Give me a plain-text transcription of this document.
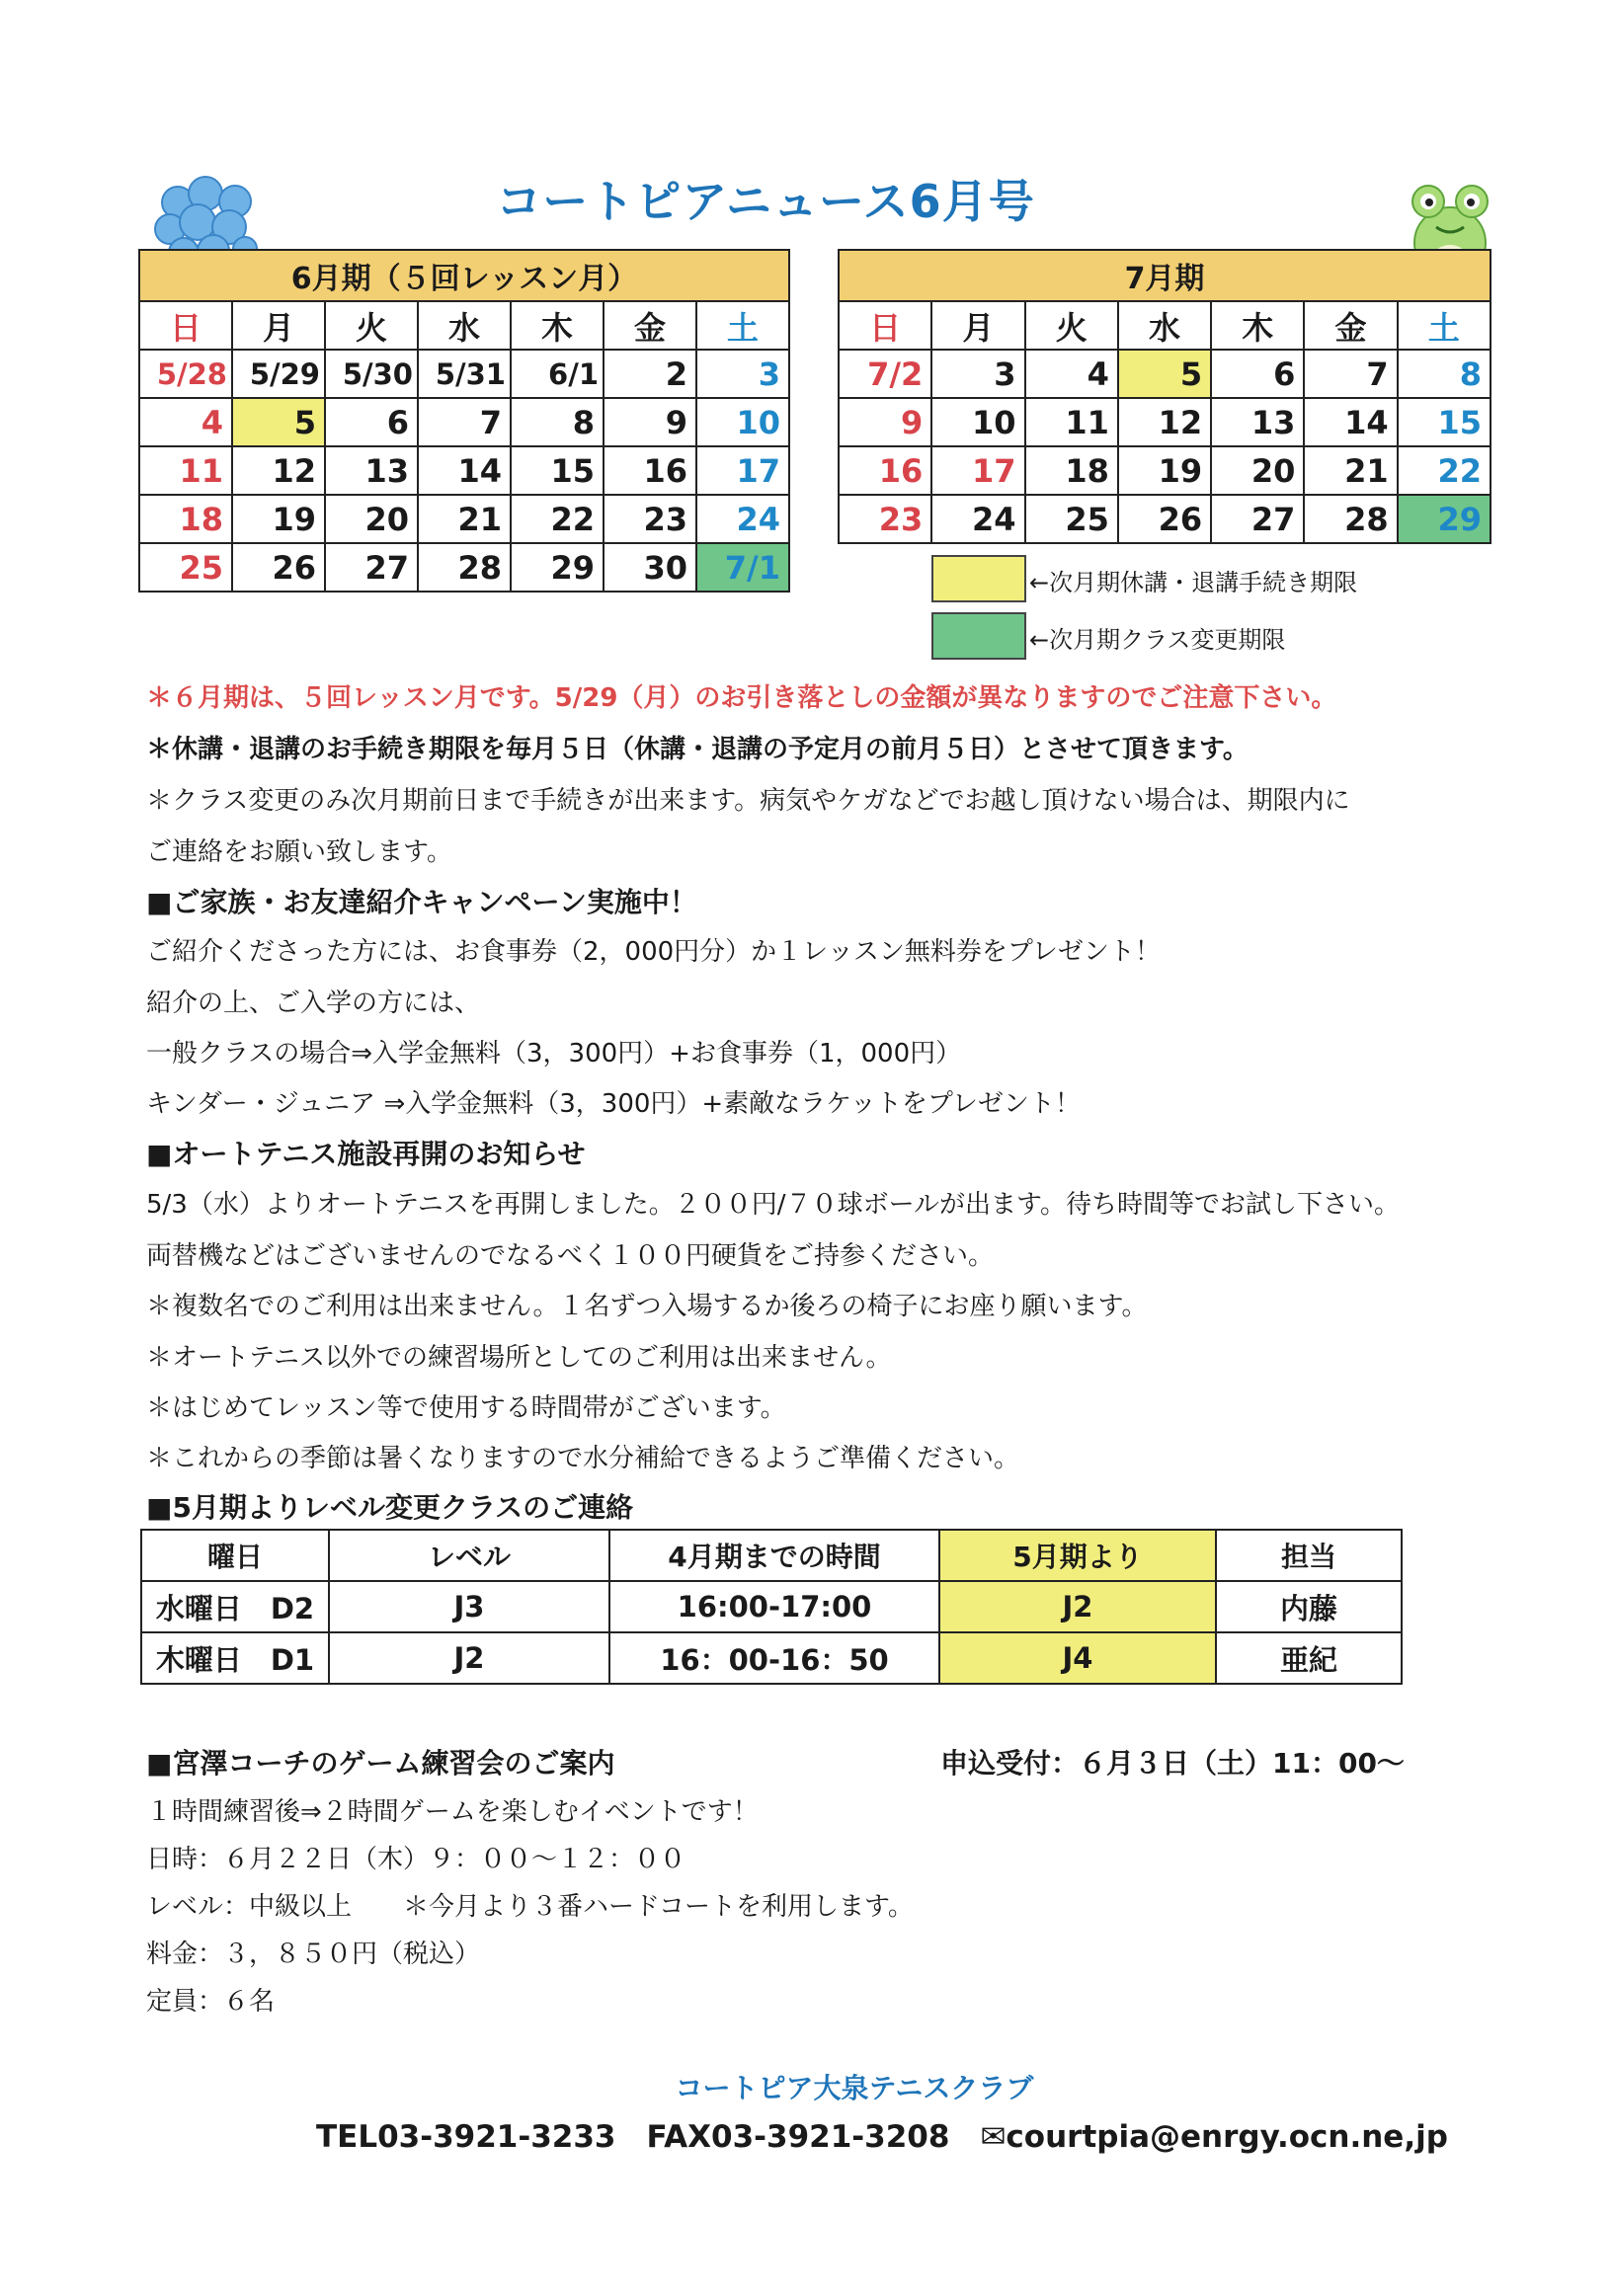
コートピアニュース6月号
6月期（５回レッスン月）						
日	月	火	水	木	金	土
5/28	5/29	5/30	5/31	6/1	2	3
4	5	6	7	8	9	10
11	12	13	14	15	16	17
18	19	20	21	22	23	24
25	26	27	28	29	30	7/1
7月期						
日	月	火	水	木	金	土
7/2	3	4	5	6	7	8
9	10	11	12	13	14	15
16	17	18	19	20	21	22
23	24	25	26	27	28	29
←次月期休講・退講手続き期限
←次月期クラス変更期限
＊６月期は、５回レッスン月です。5/29（月）のお引き落としの金額が異なりますのでご注意下さい。
＊休講・退講のお手続き期限を毎月５日（休講・退講の予定月の前月５日）とさせて頂きます。
＊クラス変更のみ次月期前日まで手続きが出来ます。病気やケガなどでお越し頂けない場合は、期限内に
ご連絡をお願い致します。
■ご家族・お友達紹介キャンペーン実施中！
ご紹介くださった方には、お食事券（2，000円分）か１レッスン無料券をプレゼント！
紹介の上、ご入学の方には、
一般クラスの場合⇒入学金無料（3，300円）+お食事券（1，000円）
キンダー・ジュニア ⇒入学金無料（3，300円）+素敵なラケットをプレゼント！
■オートテニス施設再開のお知らせ
5/3（水）よりオートテニスを再開しました。２００円/７０球ボールが出ます。待ち時間等でお試し下さい。
両替機などはございませんのでなるべく１００円硬貨をご持参ください。
＊複数名でのご利用は出来ません。１名ずつ入場するか後ろの椅子にお座り願います。
＊オートテニス以外での練習場所としてのご利用は出来ません。
＊はじめてレッスン等で使用する時間帯がございます。
＊これからの季節は暑くなりますので水分補給できるようご準備ください。
■5月期よりレベル変更クラスのご連絡
曜日	レベル	4月期までの時間	5月期より	担当
水曜日　D2	J3	16:00-17:00	J2	内藤
木曜日　D1	J2	16：00-16：50	J4	亜紀
■宮澤コーチのゲーム練習会のご案内	申込受付：６月３日（土）11：00～
１時間練習後⇒２時間ゲームを楽しむイベントです！
日時：６月２２日（木）９：００～１２：００
レベル：中級以上　　＊今月より３番ハードコートを利用します。
料金：３，８５０円（税込）
定員：６名
コートピア大泉テニスクラブ
TEL03-3921-3233　FAX03-3921-3208　✉courtpia@enrgy.ocn.ne,jp
